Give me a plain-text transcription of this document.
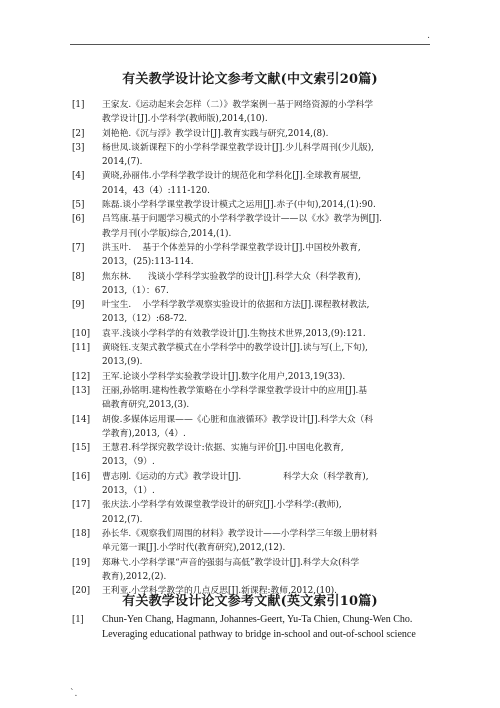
.
有关教学设计论文参考文献(中文索引20篇)
[1]	王家友.《运动起来会怎样（二）》教学案例一基于网络资源的小学科学
教学设计[J].小学科学(教师版),2014,(10).
[2]	刘艳艳.《沉与浮》教学设计[J].教育实践与研究,2014,(8).
[3]	杨世凤.谈新课程下的小学科学课堂教学设计[J].少儿科学周刊(少儿版),
2014,(7).
[4]	黄晓,孙丽伟.小学科学教学设计的规范化和学科化[J].全球教育展望,
2014，43（4）:111-120.
[5]	陈磊.谈小学科学课堂教学设计模式之运用[J].赤子(中旬),2014,(1):90.
[6]	吕笃康.基于问题学习模式的小学科学教学设计——以《水》教学为例[J].
教学月刊(小学版)综合,2014,(1).
[7]	洪玉叶.    基于个体差异的小学科学课堂教学设计[J].中国校外教育,
2013，(25):113-114.
[8]	焦东林.      浅谈小学科学实验教学的设计[J].科学大众（科学教育),
2013,（1）：67.
[9]	叶宝生.    小学科学教学观察实验设计的依据和方法[J].课程教材教法,
2013,（12）:68-72.
[10]	袁平.浅谈小学科学的有效教学设计[J].生物技术世界,2013,(9):121.
[11]	黄晓钰.支架式教学模式在小学科学中的教学设计[J].读与写(上,下旬),
2013,(9).
[12]	王军.论谈小学科学实验教学设计[J].数字化用户,2013,19(33).
[13]	汪丽,孙铭明.建构性教学策略在小学科学课堂教学设计中的应用[J].基
础教育研究,2013,(3).
[14]	胡俊.多媒体运用课——《心脏和血液循环》教学设计[J].科学大众（科
学教育),2013,（4）.
[15]	王慧君.科学探究教学设计:依据、实施与评价[J].中国电化教育,
2013，（9）.
[16]	曹志刚.《运动的方式》教学设计[J].               科学大众（科学教育),
2013，（1）.
[17]	张庆法.小学科学有效课堂教学设计的研究[J].小学科学:(教师),
2012,(7).
[18]	孙长华.《观察我们周围的材料》教学设计——小学科学三年级上册材料
单元第一课[J].小学时代(教育研究),2012,(12).
[19]	郑琳弋.小学科学课“声音的强弱与高低”教学设计[J].科学大众(科学
教育),2012,(2).
[20]	王利亚.小学科学教学的几点反思[J].新课程:教师,2012,(10).
有关教学设计论文参考文献(英文索引10篇)
[1]	Chun-Yen Chang, Hagmann, Johannes-Geert, Yu-Ta Chien, Chung-Wen Cho.
Leveraging educational pathway to bridge in-school and out-of-school science
`.
